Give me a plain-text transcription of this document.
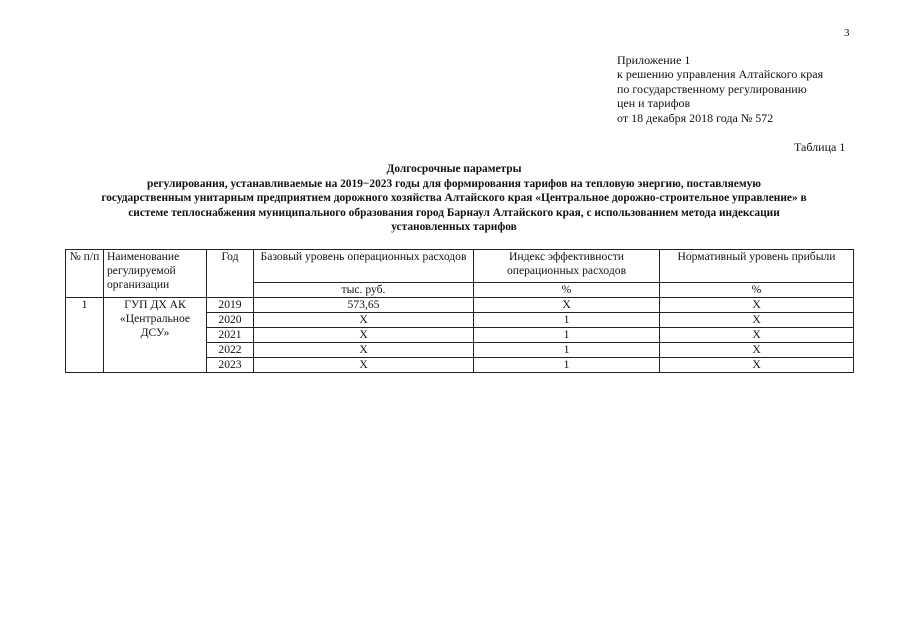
3
Приложение 1
к решению управления Алтайского края
по государственному регулированию
цен и тарифов
от 18 декабря 2018 года № 572
Таблица 1
Долгосрочные параметры
регулирования, устанавливаемые на 2019−2023 годы для формирования тарифов на тепловую энергию, поставляемую
государственным унитарным предприятием дорожного хозяйства Алтайского края «Центральное дорожно-строительное управление» в
системе теплоснабжения муниципального образования город Барнаул Алтайского края, с использованием метода индексации
установленных тарифов
№ п/п	Наименование регулируемой организации	Год	Базовый уровень операционных расходов	Индекс эффективности операционных расходов	Нормативный уровень прибыли
			тыс. руб.	%	%
1	ГУП ДХ АК «Центральное ДСУ»	2019	573,65	Х	Х
		2020	Х	1	Х
		2021	Х	1	Х
		2022	Х	1	Х
		2023	Х	1	Х
